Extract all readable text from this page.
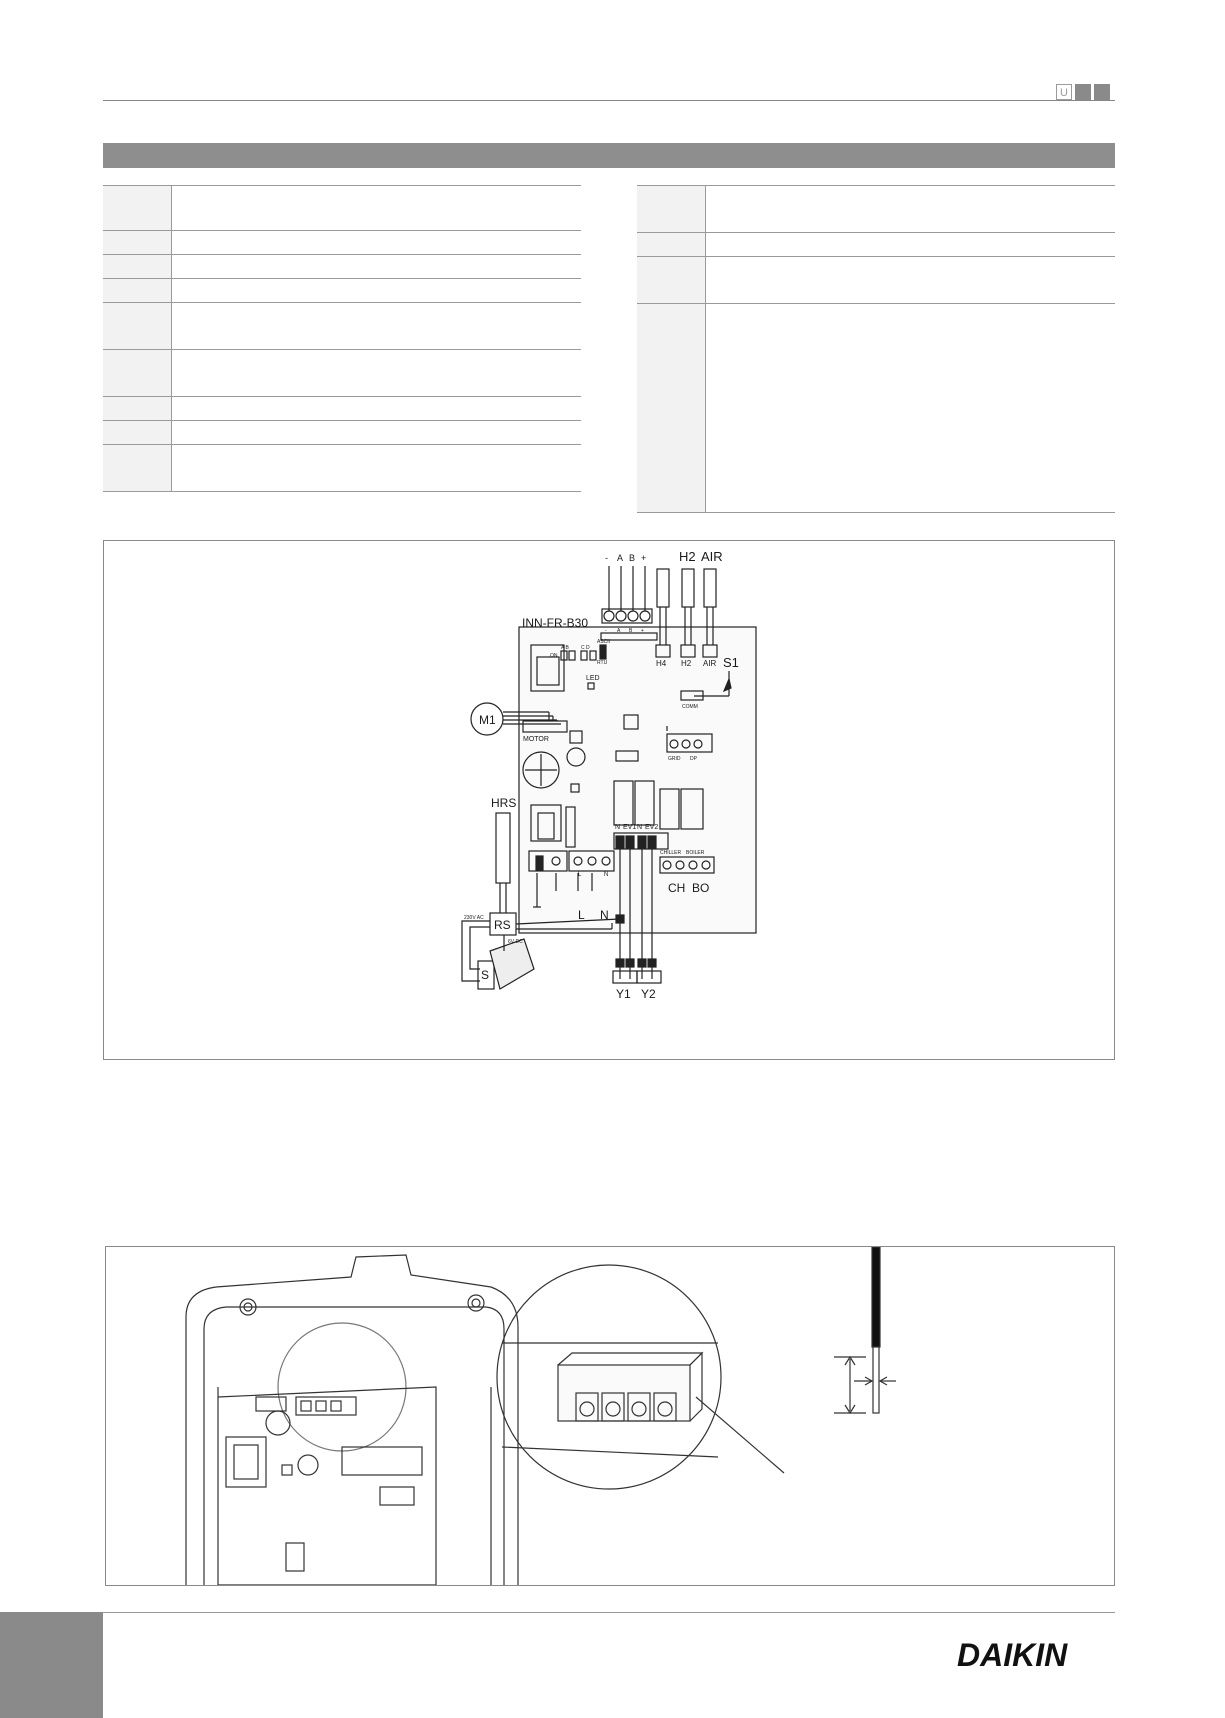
U

- A B +	H2 AIR
INN-FR-B30
- A B +
ON
A B C D
ASCII
RTU	H4 H2 AIR
LED
S1
COMM
MOTOR
M1
GRID DP
HRS
N EV1 N EV2
CHILLER BOILER
CH BO
L	N
L N
RS
230V AC
6V DC
S
Y1 Y2
DAIKIN
